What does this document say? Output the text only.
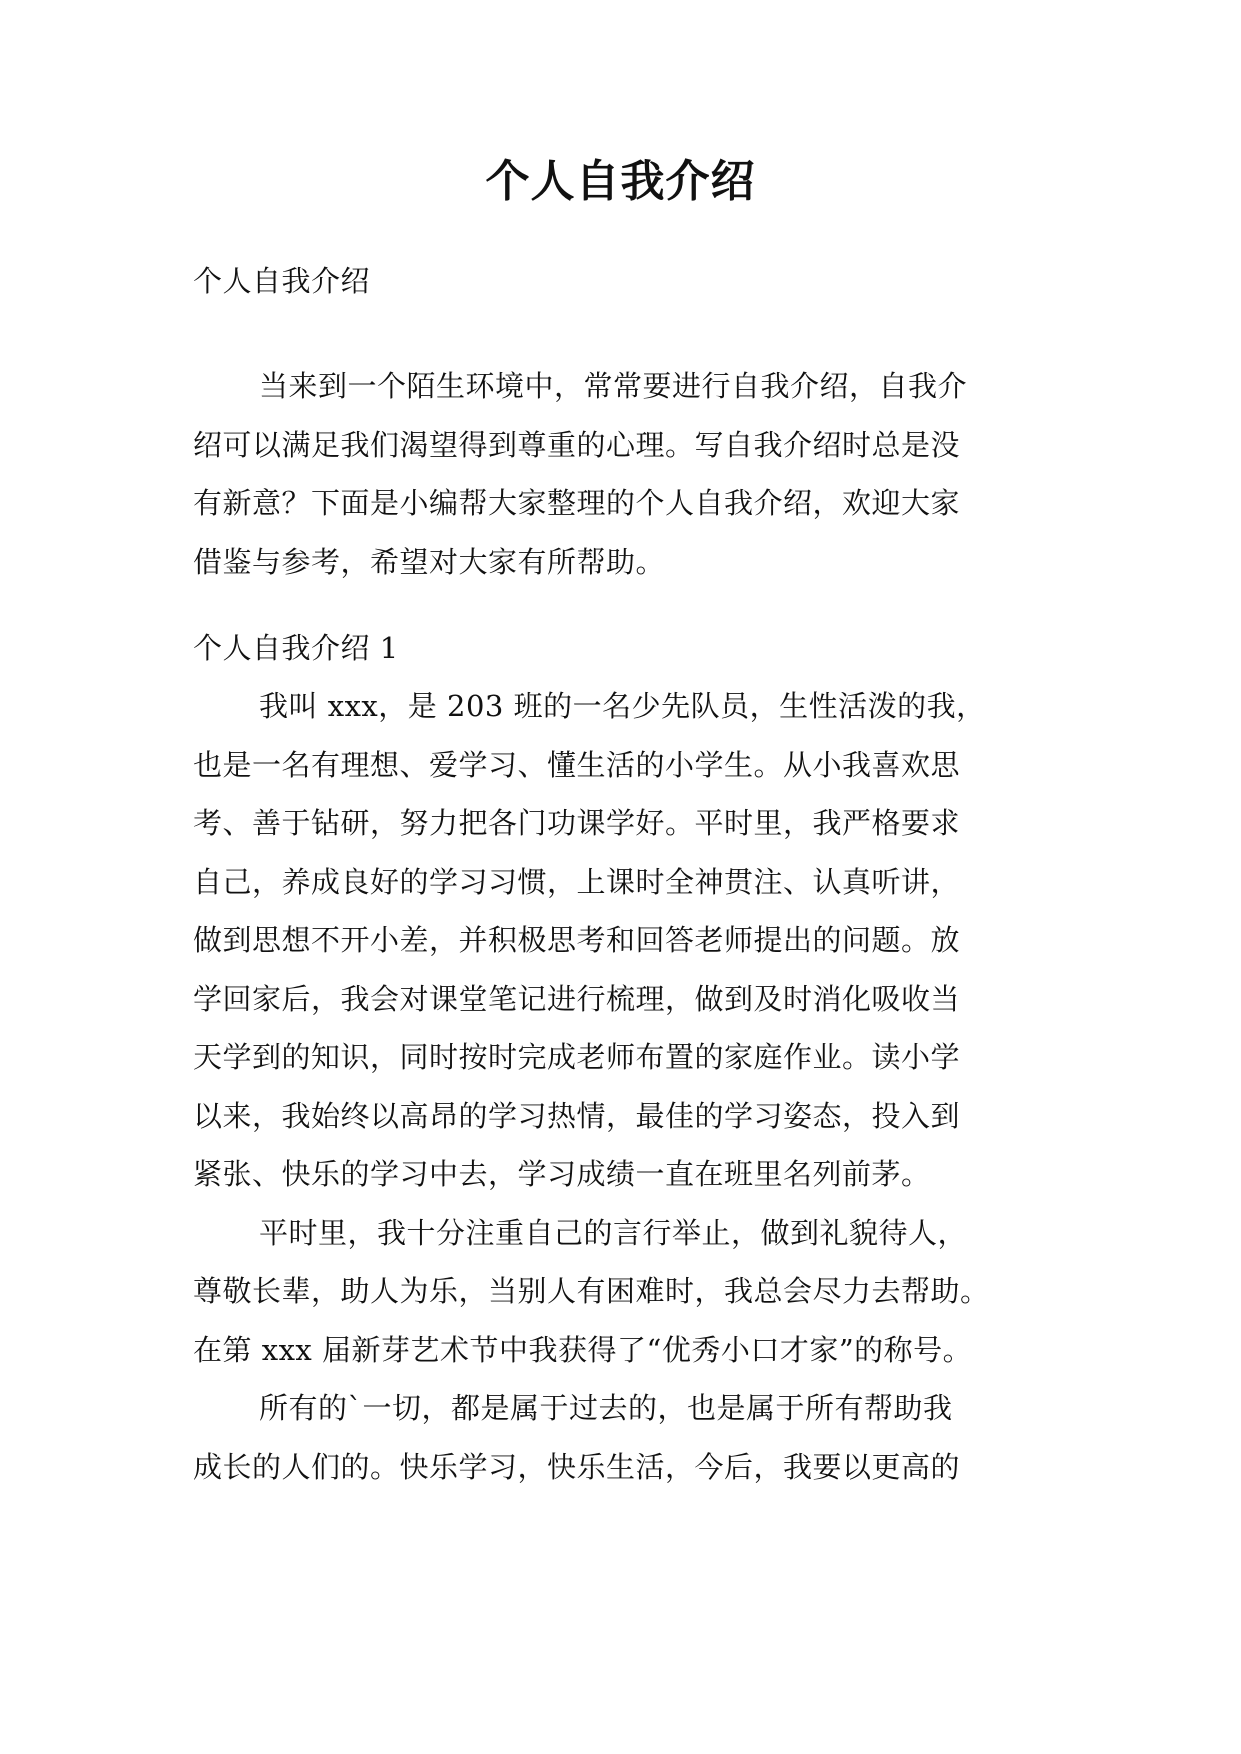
个人自我介绍

个人自我介绍

当来到一个陌生环境中，常常要进行自我介绍，自我介
绍可以满足我们渴望得到尊重的心理。写自我介绍时总是没
有新意？下面是小编帮大家整理的个人自我介绍，欢迎大家
借鉴与参考，希望对大家有所帮助。

个人自我介绍 1

我叫 xxx，是 203 班的一名少先队员，生性活泼的我，
也是一名有理想、爱学习、懂生活的小学生。从小我喜欢思
考、善于钻研，努力把各门功课学好。平时里，我严格要求
自己，养成良好的学习习惯，上课时全神贯注、认真听讲，
做到思想不开小差，并积极思考和回答老师提出的问题。放
学回家后，我会对课堂笔记进行梳理，做到及时消化吸收当
天学到的知识，同时按时完成老师布置的家庭作业。读小学
以来，我始终以高昂的学习热情，最佳的学习姿态，投入到
紧张、快乐的学习中去，学习成绩一直在班里名列前茅。
平时里，我十分注重自己的言行举止，做到礼貌待人，
尊敬长辈，助人为乐，当别人有困难时，我总会尽力去帮助。
在第 xxx 届新芽艺术节中我获得了“优秀小口才家”的称号。
所有的`一切，都是属于过去的，也是属于所有帮助我
成长的人们的。快乐学习，快乐生活，今后，我要以更高的
